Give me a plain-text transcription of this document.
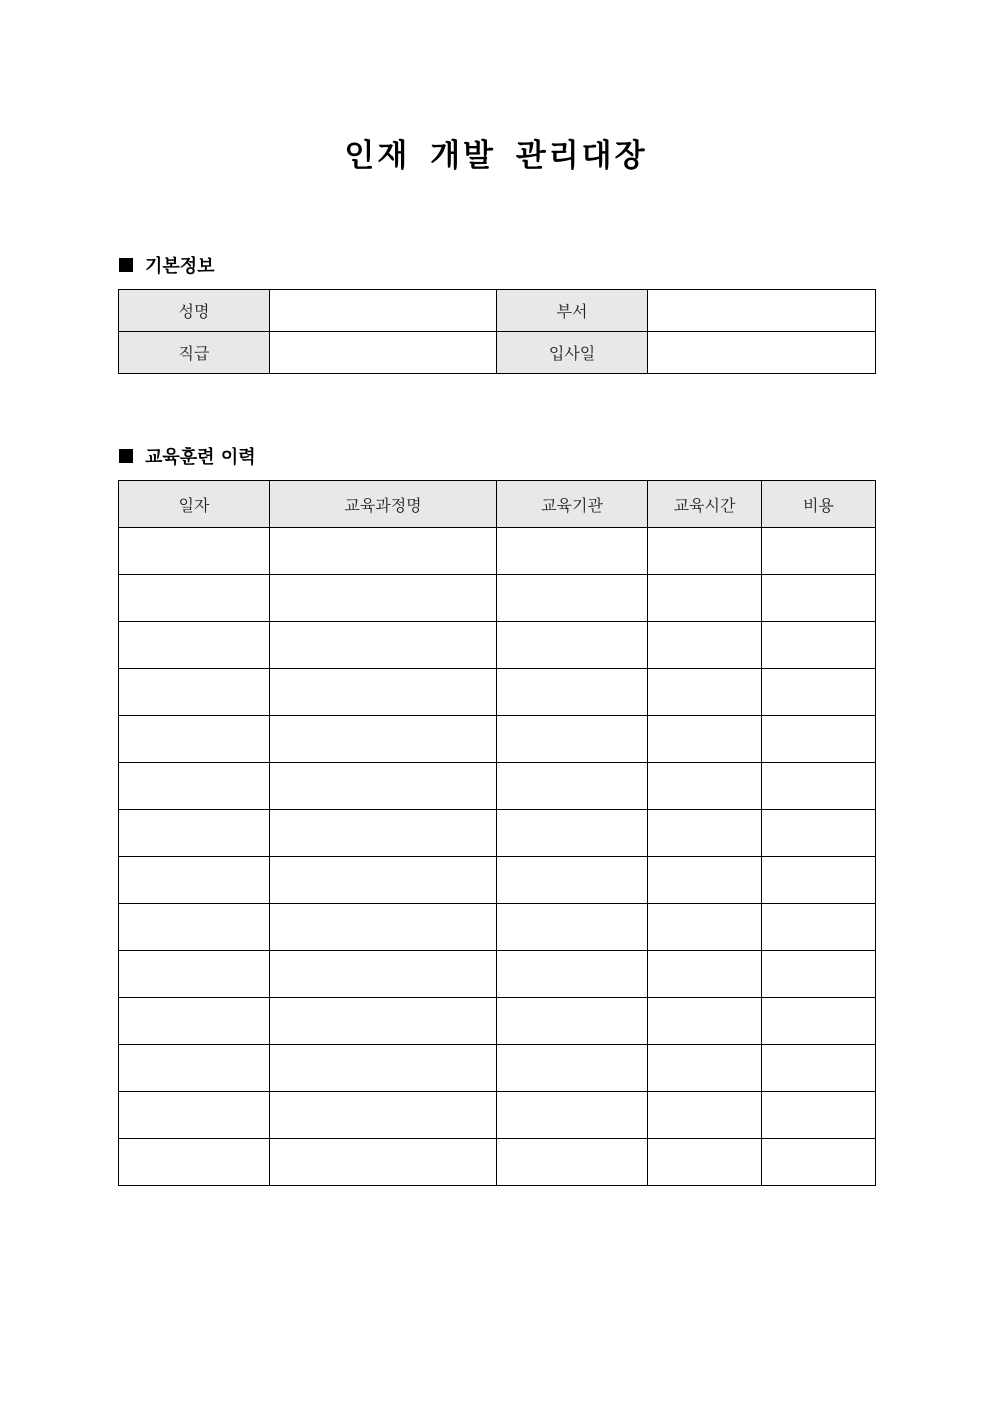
인재 개발 관리대장
기본정보
성명		부서	
직급		입사일	
교육훈련 이력
일자	교육과정명	교육기관	교육시간	비용
